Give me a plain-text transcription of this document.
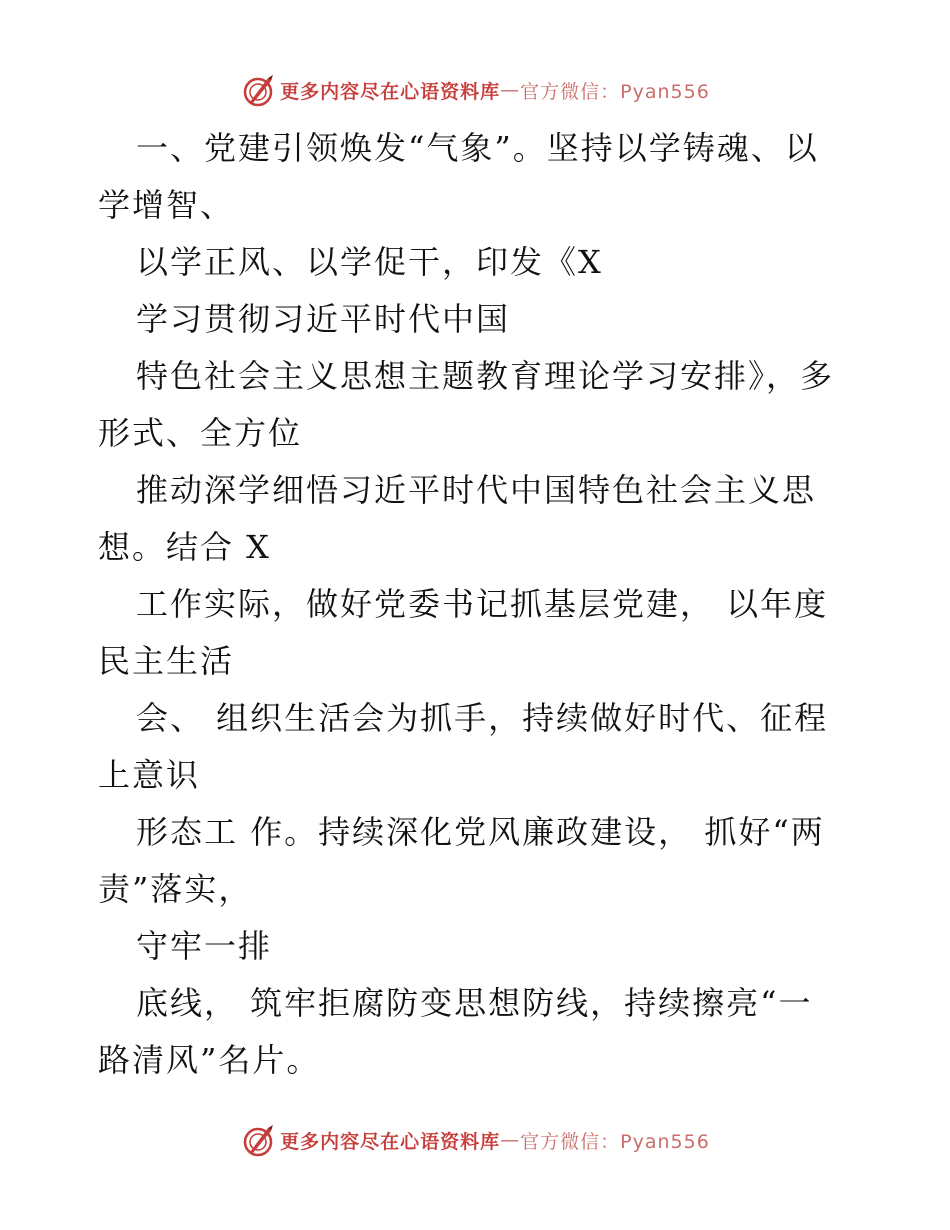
更多内容尽在心语资料库 — 官方微信：Pyan556

一、党建引领焕发“气象”。坚持以学铸魂、以
学增智、

以学正风、以学促干，印发《X

学习贯彻习近平时代中国

特色社会主义思想主题教育理论学习安排》，多
形式、全方位

推动深学细悟习近平时代中国特色社会主义思
想。结合 X

工作实际，做好党委书记抓基层党建， 以年度
民主生活

会、 组织生活会为抓手，持续做好时代、征程
上意识

形态工 作。持续深化党风廉政建设， 抓好“两
责”落实，

守牢一排

底线， 筑牢拒腐防变思想防线，持续擦亮“一
路清风”名片。

更多内容尽在心语资料库 — 官方微信：Pyan556
